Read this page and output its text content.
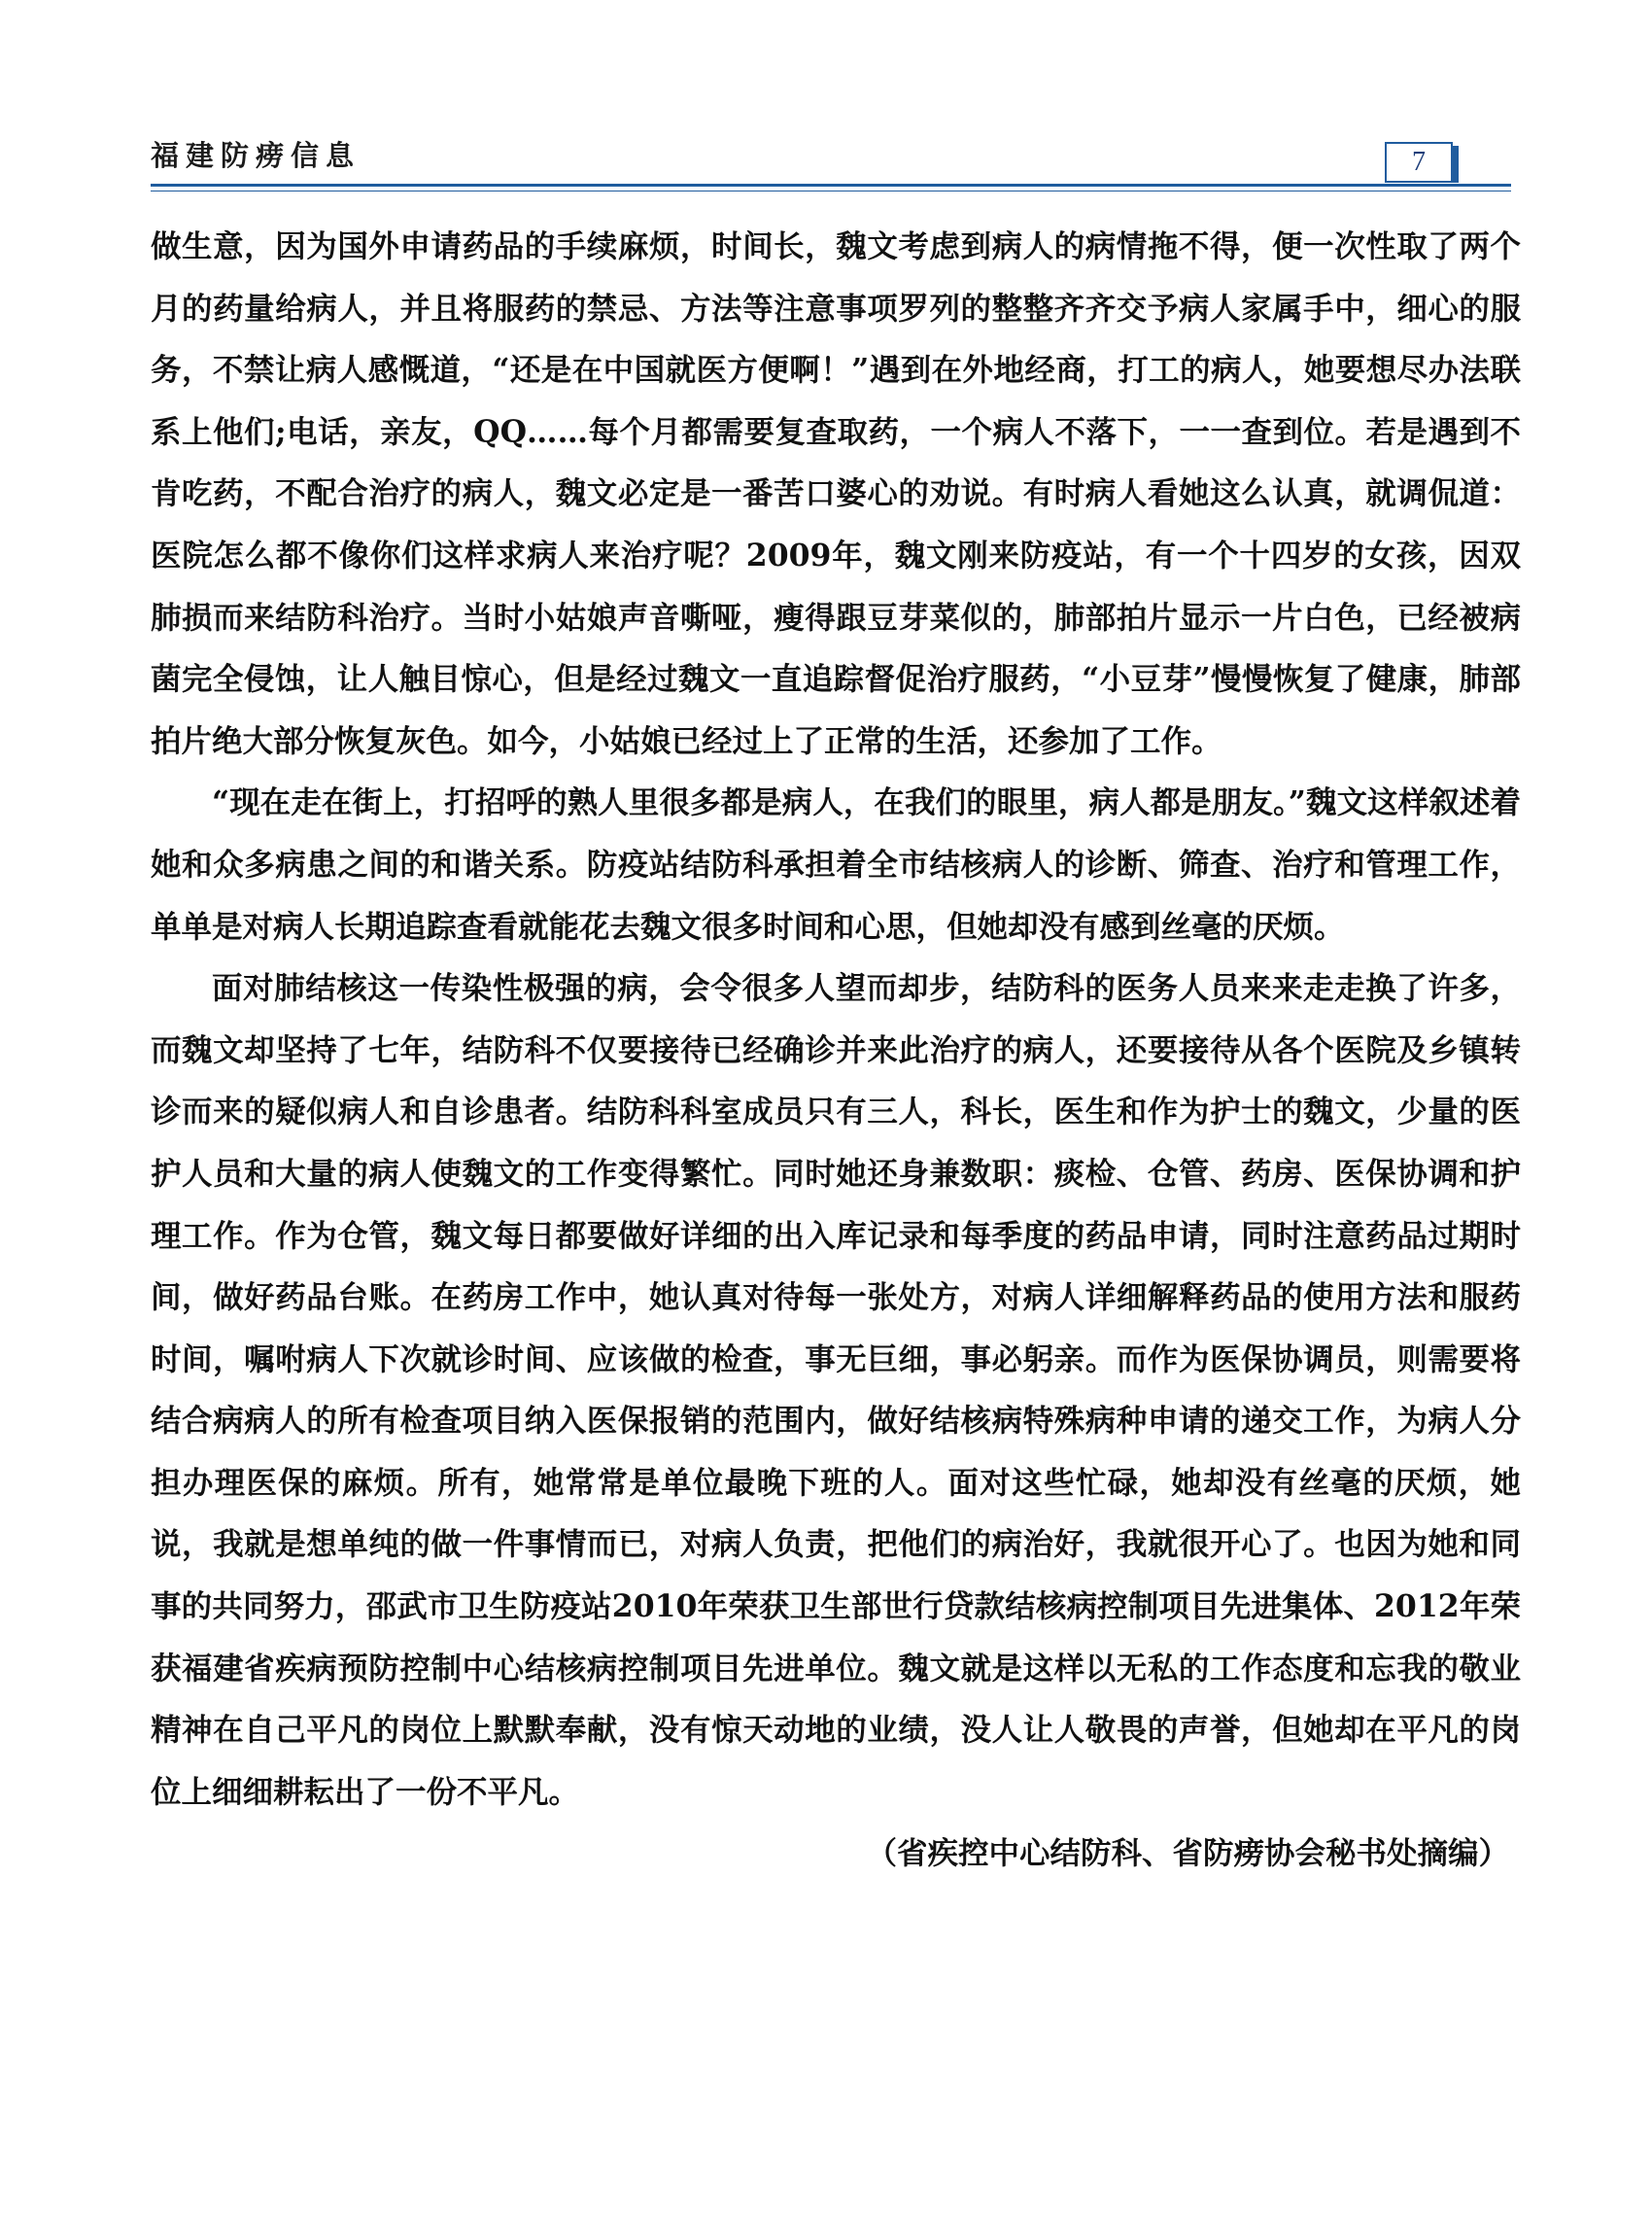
福建防痨信息	7

做生意，因为国外申请药品的手续麻烦，时间长，魏文考虑到病人的病情拖不得，便一次性取了两个月的药量给病人，并且将服药的禁忌、方法等注意事项罗列的整整齐齐交予病人家属手中，细心的服务，不禁让病人感慨道，“还是在中国就医方便啊！”遇到在外地经商，打工的病人，她要想尽办法联系上他们;电话，亲友，QQ……每个月都需要复查取药，一个病人不落下，一一查到位。若是遇到不肯吃药，不配合治疗的病人，魏文必定是一番苦口婆心的劝说。有时病人看她这么认真，就调侃道：医院怎么都不像你们这样求病人来治疗呢？2009年，魏文刚来防疫站，有一个十四岁的女孩，因双肺损而来结防科治疗。当时小姑娘声音嘶哑，瘦得跟豆芽菜似的，肺部拍片显示一片白色，已经被病菌完全侵蚀，让人触目惊心，但是经过魏文一直追踪督促治疗服药，“小豆芽”慢慢恢复了健康，肺部拍片绝大部分恢复灰色。如今，小姑娘已经过上了正常的生活，还参加了工作。

“现在走在街上，打招呼的熟人里很多都是病人，在我们的眼里，病人都是朋友。”魏文这样叙述着她和众多病患之间的和谐关系。防疫站结防科承担着全市结核病人的诊断、筛查、治疗和管理工作，单单是对病人长期追踪查看就能花去魏文很多时间和心思，但她却没有感到丝毫的厌烦。

面对肺结核这一传染性极强的病，会令很多人望而却步，结防科的医务人员来来走走换了许多，而魏文却坚持了七年，结防科不仅要接待已经确诊并来此治疗的病人，还要接待从各个医院及乡镇转诊而来的疑似病人和自诊患者。结防科科室成员只有三人，科长，医生和作为护士的魏文，少量的医护人员和大量的病人使魏文的工作变得繁忙。同时她还身兼数职：痰检、仓管、药房、医保协调和护理工作。作为仓管，魏文每日都要做好详细的出入库记录和每季度的药品申请，同时注意药品过期时间，做好药品台账。在药房工作中，她认真对待每一张处方，对病人详细解释药品的使用方法和服药时间，嘱咐病人下次就诊时间、应该做的检查，事无巨细，事必躬亲。而作为医保协调员，则需要将结合病病人的所有检查项目纳入医保报销的范围内，做好结核病特殊病种申请的递交工作，为病人分担办理医保的麻烦。所有，她常常是单位最晚下班的人。面对这些忙碌，她却没有丝毫的厌烦，她说，我就是想单纯的做一件事情而已，对病人负责，把他们的病治好，我就很开心了。也因为她和同事的共同努力，邵武市卫生防疫站2010年荣获卫生部世行贷款结核病控制项目先进集体、2012年荣获福建省疾病预防控制中心结核病控制项目先进单位。魏文就是这样以无私的工作态度和忘我的敬业精神在自己平凡的岗位上默默奉献，没有惊天动地的业绩，没人让人敬畏的声誉，但她却在平凡的岗位上细细耕耘出了一份不平凡。

（省疾控中心结防科、省防痨协会秘书处摘编）
